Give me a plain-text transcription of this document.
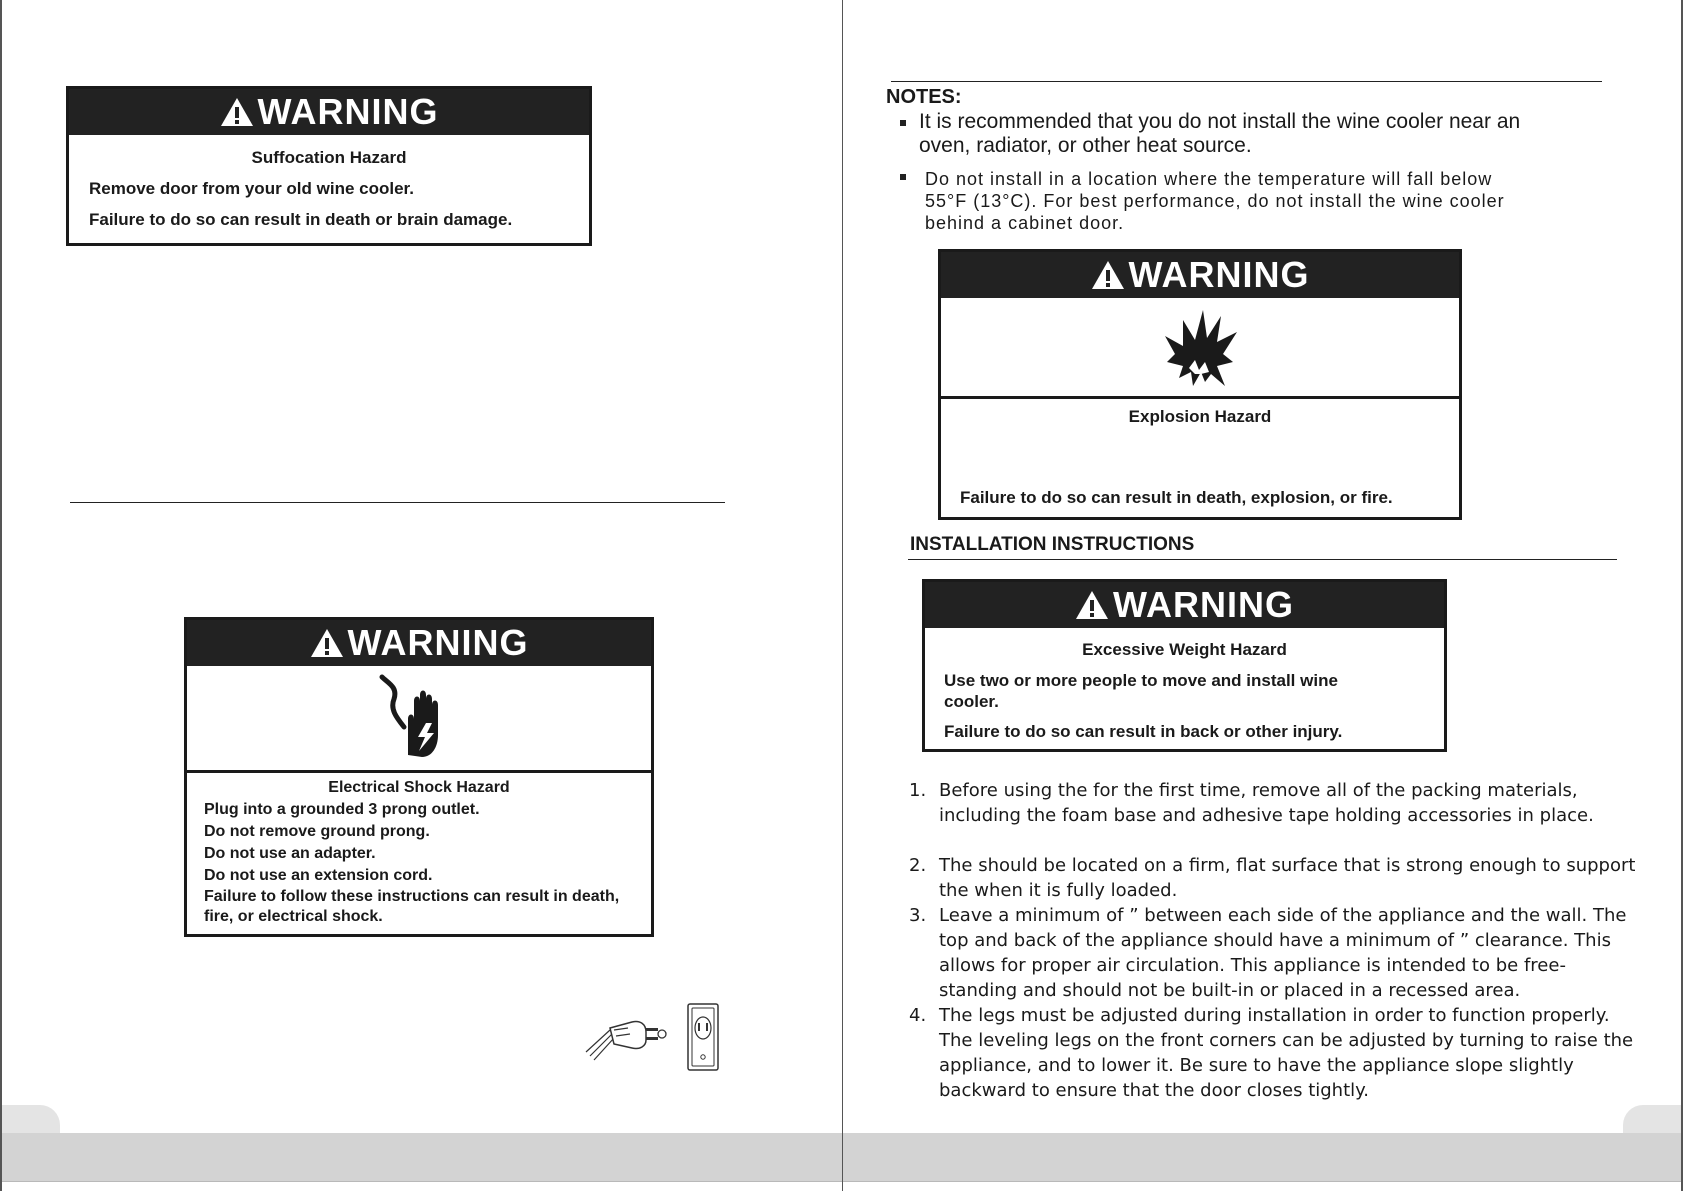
WARNING
Suffocation Hazard
Remove door from your old wine cooler.
Failure to do so can result in death or brain damage.
WARNING
Electrical Shock Hazard
Plug into a grounded 3 prong outlet.
Do not remove ground prong.
Do not use an adapter.
Do not use an extension cord.
Failure to follow these instructions can result in death, fire, or electrical shock.
NOTES:
It is recommended that you do not install the wine cooler near an oven, radiator, or other heat source.
Do not install in a location where the temperature will fall below 55°F (13°C). For best performance, do not install the wine cooler behind a cabinet door.
WARNING
Explosion Hazard
Failure to do so can result in death, explosion, or fire.
INSTALLATION INSTRUCTIONS
WARNING
Excessive Weight Hazard
Use two or more people to move and install wine cooler.
Failure to do so can result in back or other injury.
1. Before using the for the first time, remove all of the packing materials, including the foam base and adhesive tape holding accessories in place.
2. The should be located on a firm, flat surface that is strong enough to support the when it is fully loaded.
3. Leave a minimum of ” between each side of the appliance and the wall. The top and back of the appliance should have a minimum of ” clearance. This allows for proper air circulation. This appliance is intended to be free-standing and should not be built-in or placed in a recessed area.
4. The legs must be adjusted during installation in order to function properly. The leveling legs on the front corners can be adjusted by turning to raise the appliance, and to lower it. Be sure to have the appliance slope slightly backward to ensure that the door closes tightly.
